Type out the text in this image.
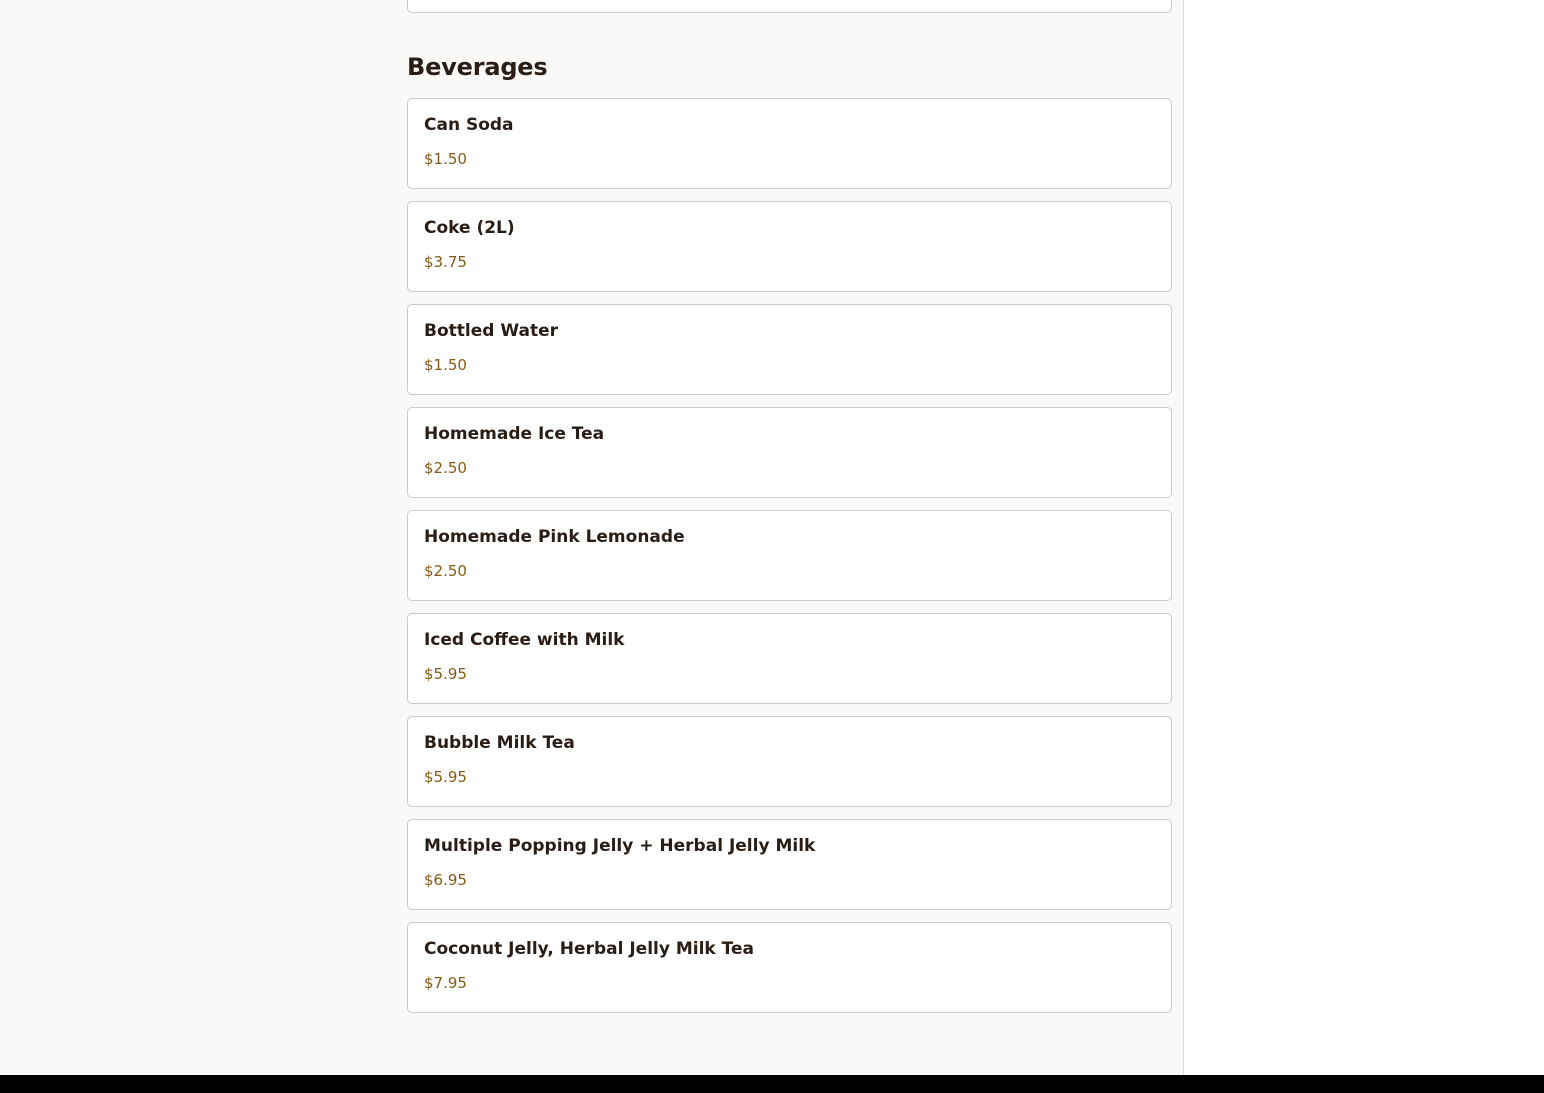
Beverages
Can Soda
$1.50
Coke (2L)
$3.75
Bottled Water
$1.50
Homemade Ice Tea
$2.50
Homemade Pink Lemonade
$2.50
Iced Coffee with Milk
$5.95
Bubble Milk Tea
$5.95
Multiple Popping Jelly + Herbal Jelly Milk
$6.95
Coconut Jelly, Herbal Jelly Milk Tea
$7.95
